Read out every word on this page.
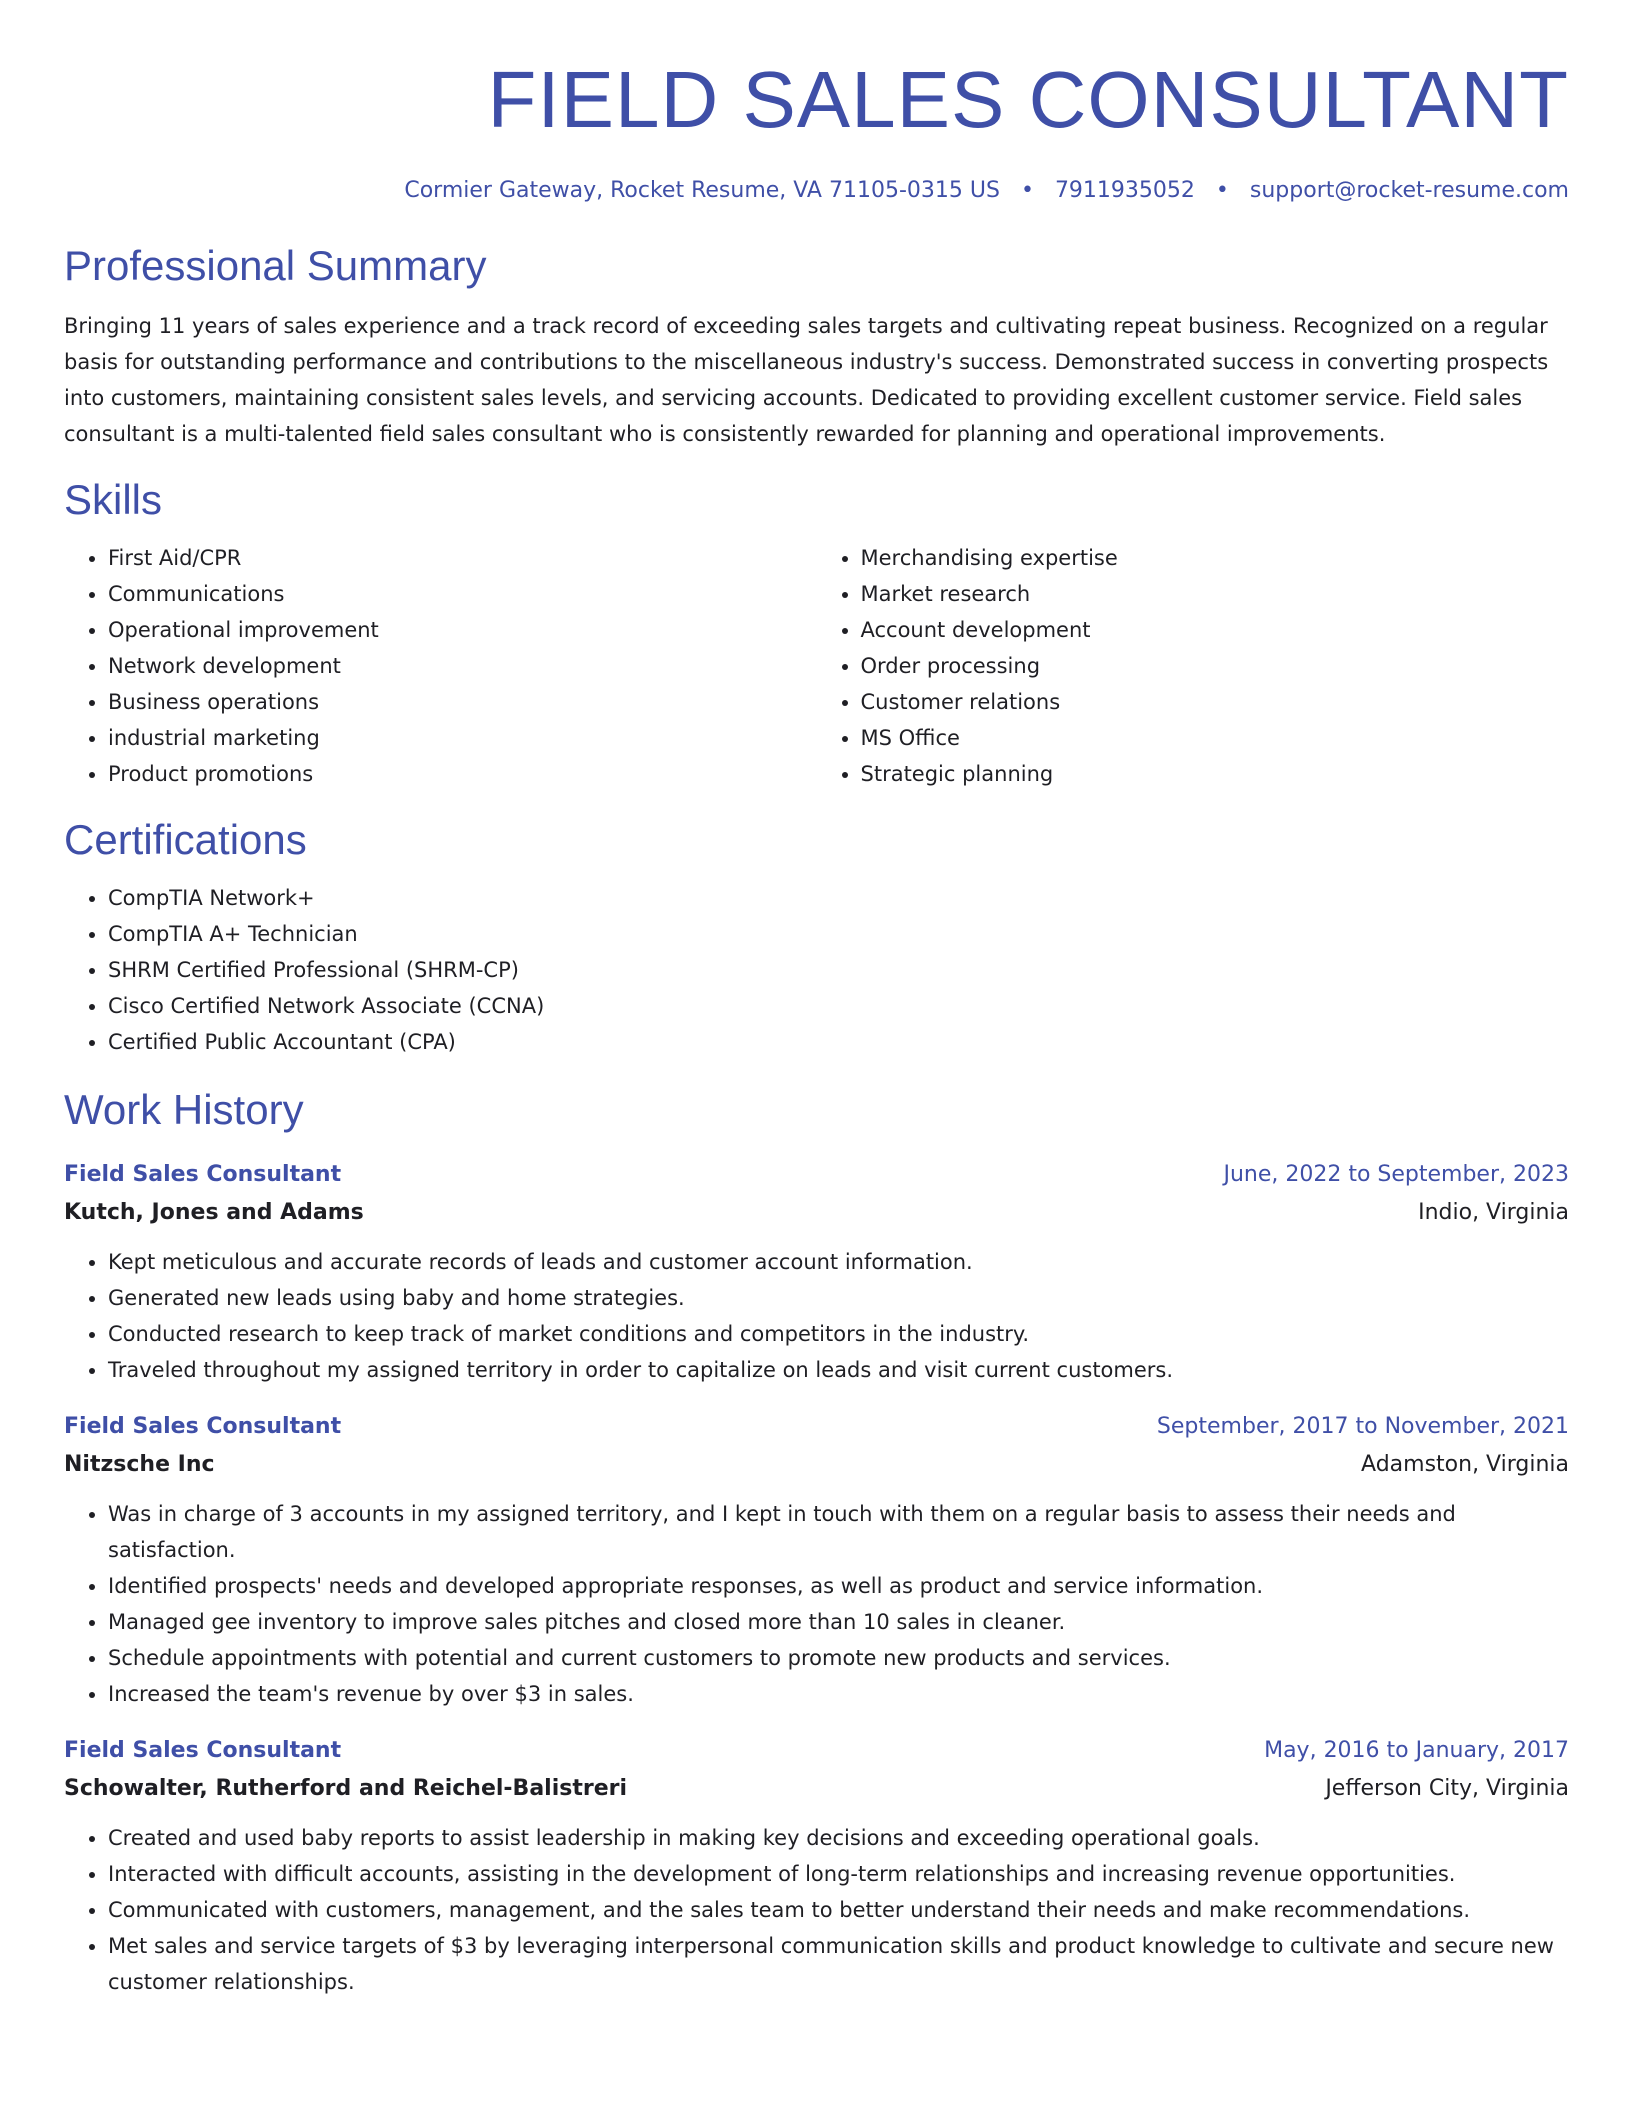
FIELD SALES CONSULTANT
Cormier Gateway, Rocket Resume, VA 71105-0315 US • 7911935052 • support@rocket-resume.com
Professional Summary

Bringing 11 years of sales experience and a track record of exceeding sales targets and cultivating repeat business. Recognized on a regular basis for outstanding performance and contributions to the miscellaneous industry's success. Demonstrated success in converting prospects into customers, maintaining consistent sales levels, and servicing accounts. Dedicated to providing excellent customer service. Field sales consultant is a multi-talented field sales consultant who is consistently rewarded for planning and operational improvements.

Skills
• First Aid/CPR
• Communications
• Operational improvement
• Network development
• Business operations
• industrial marketing
• Product promotions
• Merchandising expertise
• Market research
• Account development
• Order processing
• Customer relations
• MS Office
• Strategic planning
Certifications
• CompTIA Network+
• CompTIA A+ Technician
• SHRM Certified Professional (SHRM-CP)
• Cisco Certified Network Associate (CCNA)
• Certified Public Accountant (CPA)
Work History
Field Sales Consultant	June, 2022 to September, 2023
Kutch, Jones and Adams	Indio, Virginia
• Kept meticulous and accurate records of leads and customer account information.
• Generated new leads using baby and home strategies.
• Conducted research to keep track of market conditions and competitors in the industry.
• Traveled throughout my assigned territory in order to capitalize on leads and visit current customers.
Field Sales Consultant	September, 2017 to November, 2021
Nitzsche Inc	Adamston, Virginia
• Was in charge of 3 accounts in my assigned territory, and I kept in touch with them on a regular basis to assess their needs and satisfaction.
• Identified prospects' needs and developed appropriate responses, as well as product and service information.
• Managed gee inventory to improve sales pitches and closed more than 10 sales in cleaner.
• Schedule appointments with potential and current customers to promote new products and services.
• Increased the team's revenue by over $3 in sales.
Field Sales Consultant	May, 2016 to January, 2017
Schowalter, Rutherford and Reichel-Balistreri	Jefferson City, Virginia
• Created and used baby reports to assist leadership in making key decisions and exceeding operational goals.
• Interacted with difficult accounts, assisting in the development of long-term relationships and increasing revenue opportunities.
• Communicated with customers, management, and the sales team to better understand their needs and make recommendations.
• Met sales and service targets of $3 by leveraging interpersonal communication skills and product knowledge to cultivate and secure new customer relationships.
